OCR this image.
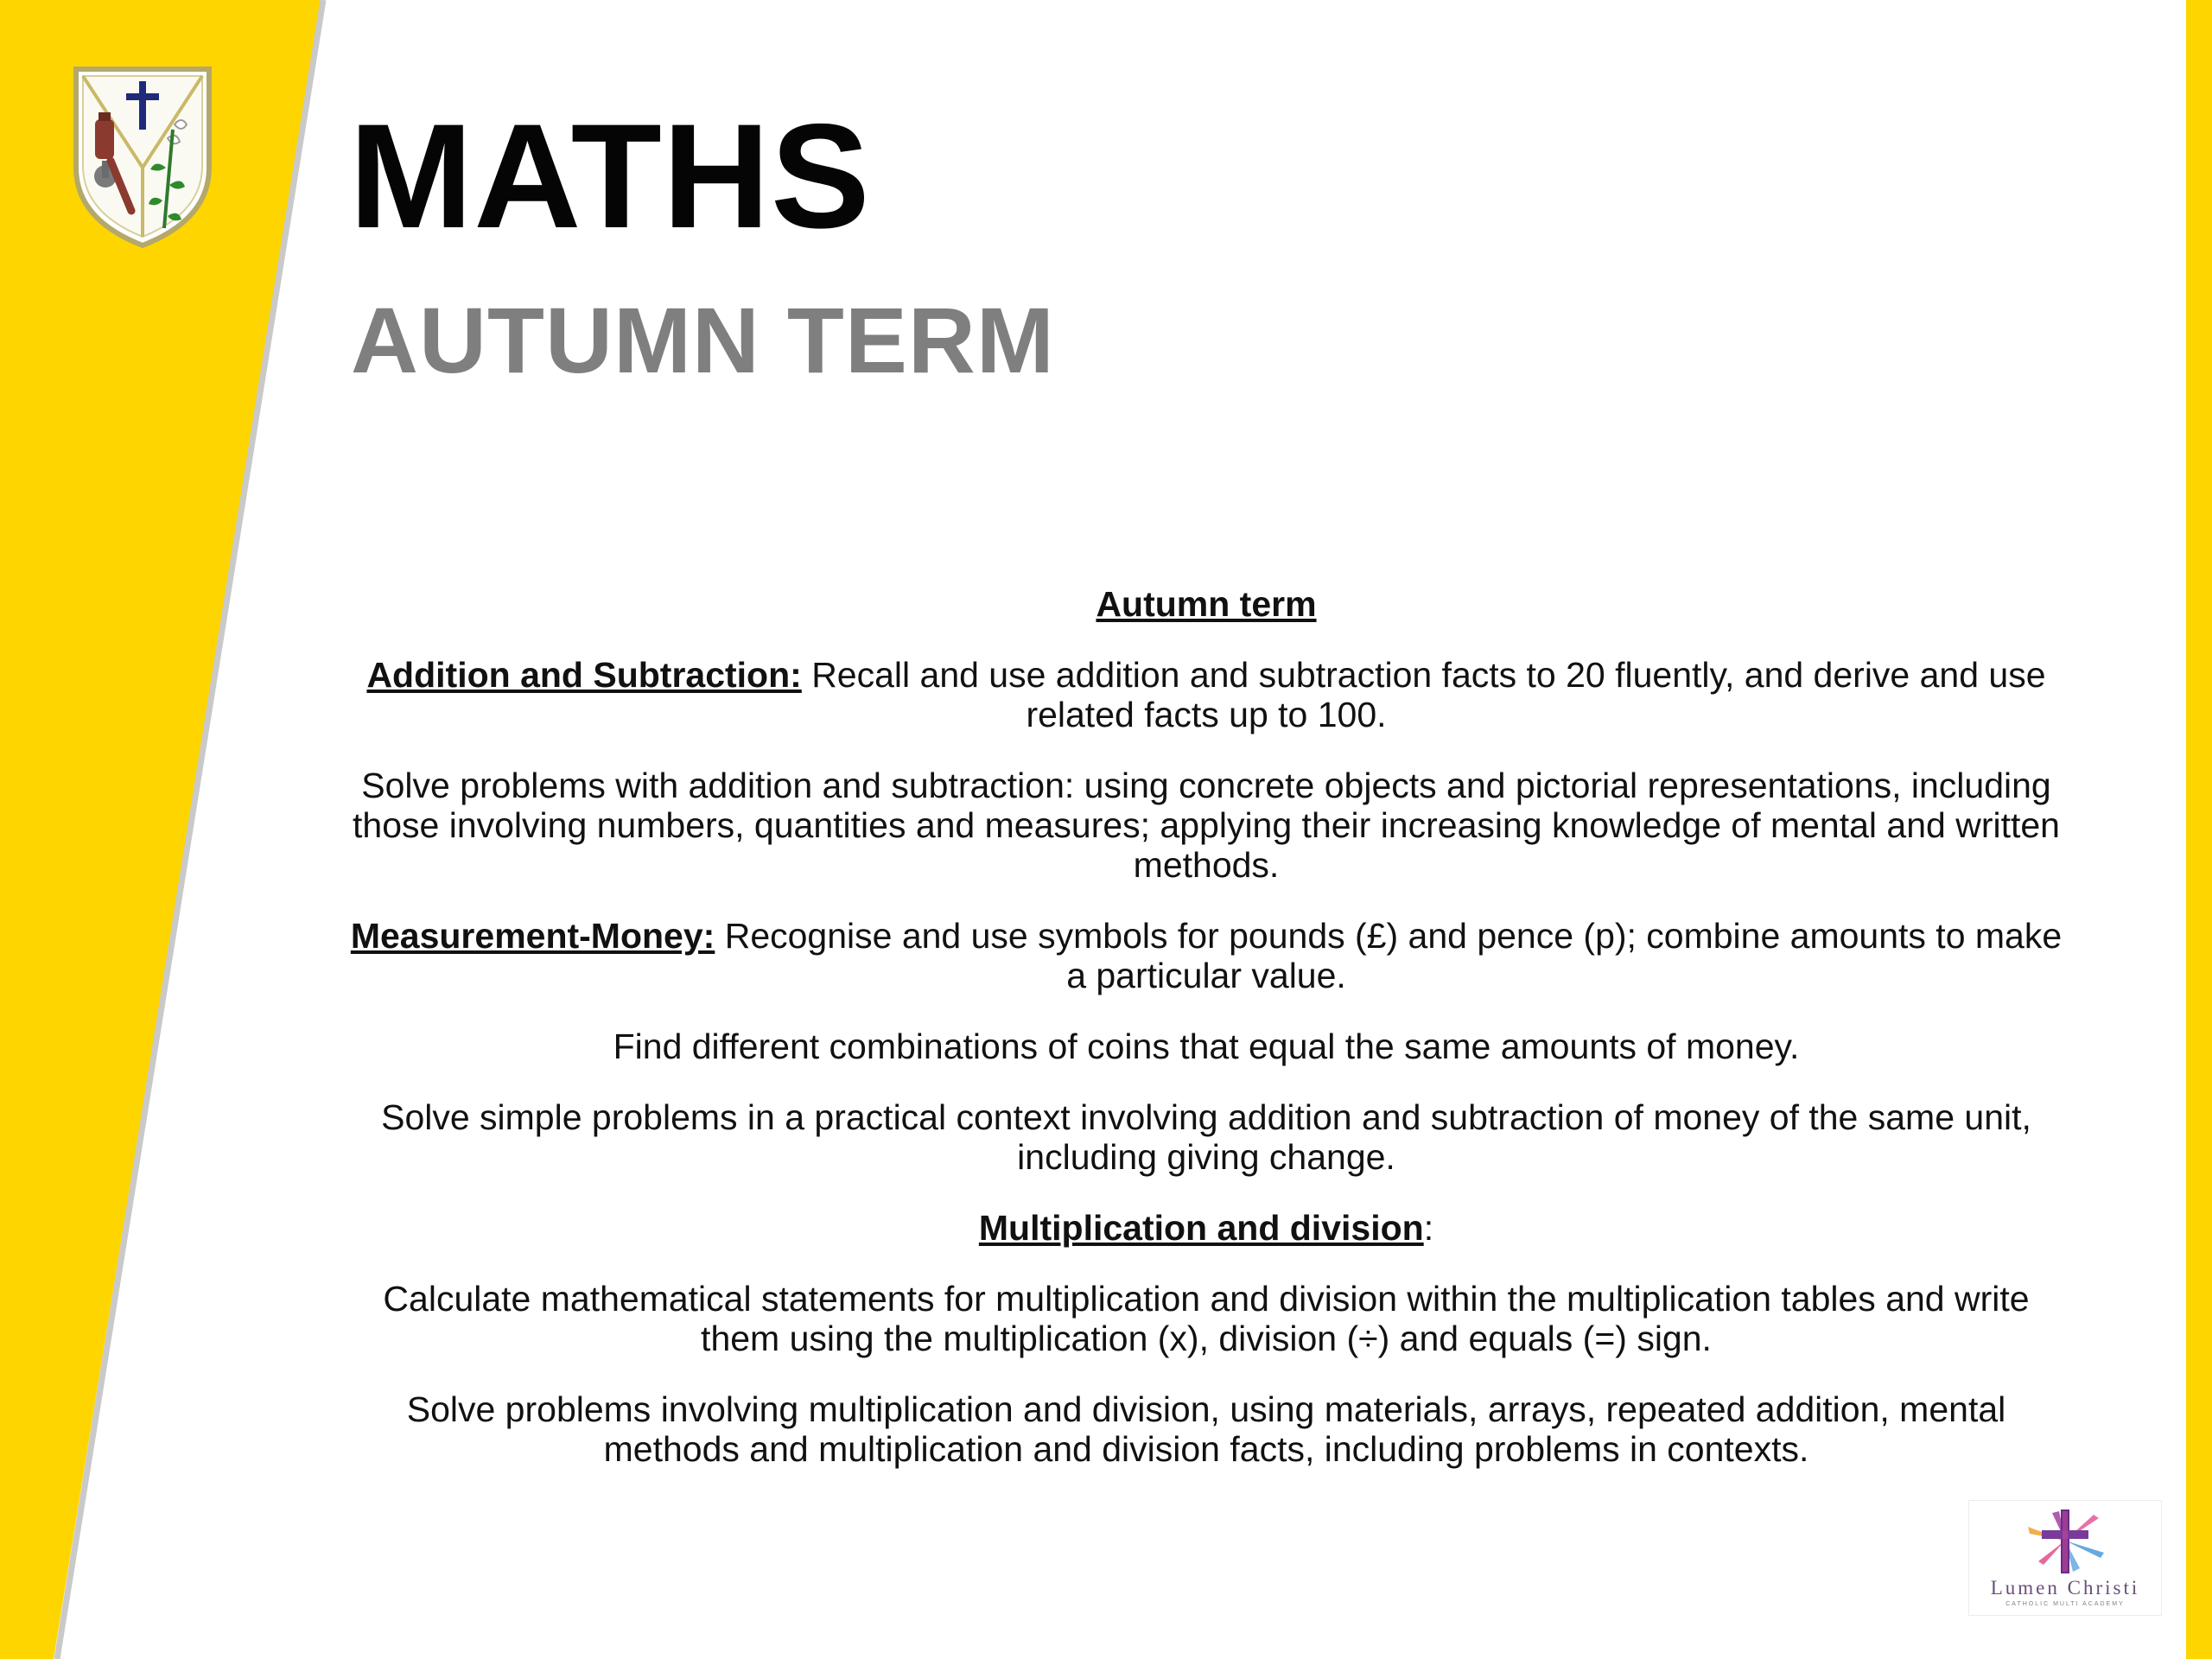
MATHS
AUTUMN TERM

Autumn term

Addition and Subtraction: Recall and use addition and subtraction facts to 20 fluently, and derive and use related facts up to 100.

Solve problems with addition and subtraction: using concrete objects and pictorial representations, including those involving numbers, quantities and measures; applying their increasing knowledge of mental and written methods.

Measurement-Money: Recognise and use symbols for pounds (£) and pence (p); combine amounts to make a particular value.

Find different combinations of coins that equal the same amounts of money.

Solve simple problems in a practical context involving addition and subtraction of money of the same unit, including giving change.

Multiplication and division:

Calculate mathematical statements for multiplication and division within the multiplication tables and write them using the multiplication (x), division (÷) and equals (=) sign.

Solve problems involving multiplication and division, using materials, arrays, repeated addition, mental methods and multiplication and division facts, including problems in contexts.

Lumen Christi
CATHOLIC MULTI ACADEMY
